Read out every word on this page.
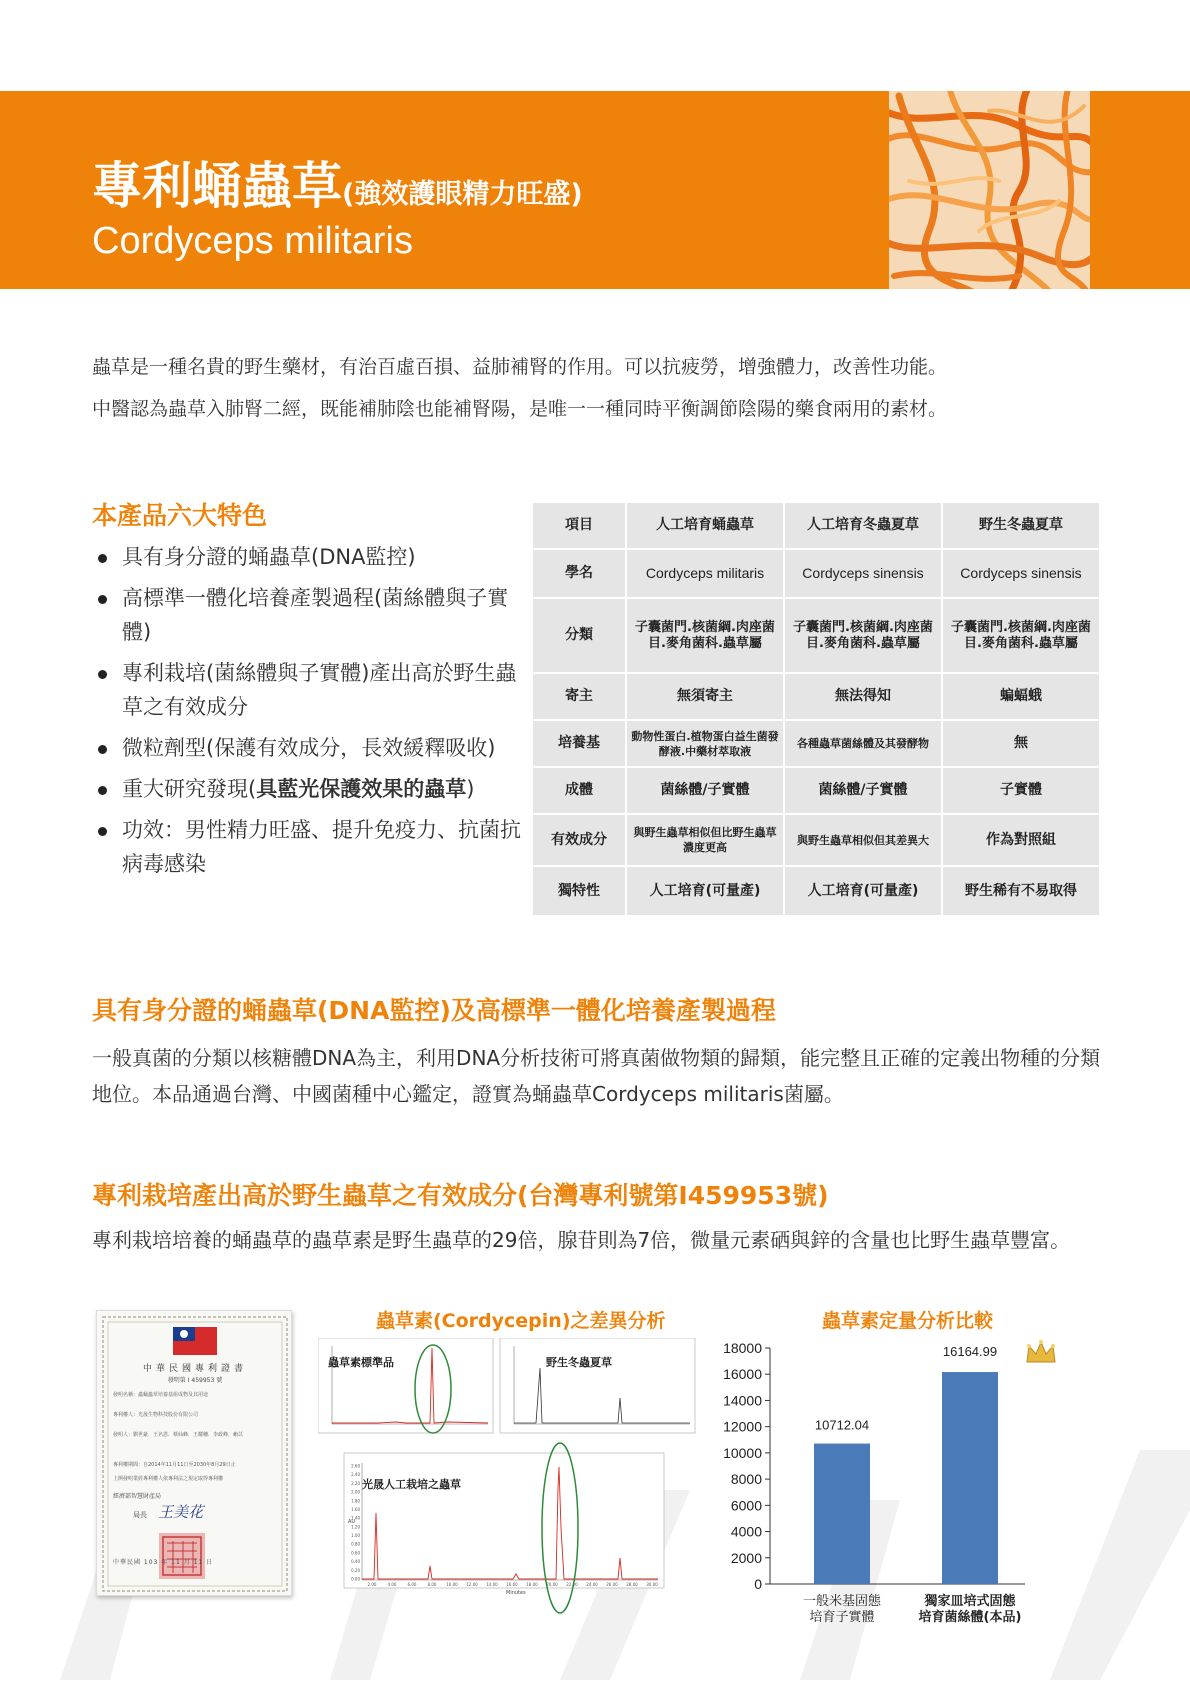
專利蛹蟲草(強效護眼精力旺盛)
Cordyceps militaris
蟲草是一種名貴的野生藥材，有治百虛百損、益肺補腎的作用。可以抗疲勞，增強體力，改善性功能。
中醫認為蟲草入肺腎二經，既能補肺陰也能補腎陽，是唯一一種同時平衡調節陰陽的藥食兩用的素材。
本產品六大特色
具有身分證的蛹蟲草(DNA監控)
高標準一體化培養產製過程(菌絲體與子實體)
專利栽培(菌絲體與子實體)產出高於野生蟲草之有效成分
微粒劑型(保護有效成分，長效緩釋吸收)
重大研究發現(具藍光保護效果的蟲草)
功效：男性精力旺盛、提升免疫力、抗菌抗病毒感染
項目	人工培育蛹蟲草	人工培育冬蟲夏草	野生冬蟲夏草
學名	Cordyceps militaris	Cordyceps sinensis	Cordyceps sinensis
分類	子囊菌門.核菌綱.肉座菌目.麥角菌科.蟲草屬	子囊菌門.核菌綱.肉座菌目.麥角菌科.蟲草屬	子囊菌門.核菌綱.肉座菌目.麥角菌科.蟲草屬
寄主	無須寄主	無法得知	蝙蝠蛾
培養基	動物性蛋白.植物蛋白益生菌發酵液.中藥材萃取液	各種蟲草菌絲體及其發酵物	無
成體	菌絲體/子實體	菌絲體/子實體	子實體
有效成分	與野生蟲草相似但比野生蟲草濃度更高	與野生蟲草相似但其差異大	作為對照組
獨特性	人工培育(可量產)	人工培育(可量產)	野生稀有不易取得
具有身分證的蛹蟲草(DNA監控)及高標準一體化培養產製過程
一般真菌的分類以核糖體DNA為主，利用DNA分析技術可將真菌做物類的歸類，能完整且正確的定義出物種的分類地位。本品通過台灣、中國菌種中心鑑定，證實為蛹蟲草Cordyceps militaris菌屬。
專利栽培產出高於野生蟲草之有效成分(台灣專利號第I459953號)
專利栽培培養的蛹蟲草的蟲草素是野生蟲草的29倍，腺苷則為7倍，微量元素硒與鋅的含量也比野生蟲草豐富。
中華民國專利證書
發明第 I 459953 號
發明名稱：蟲蛹蟲草培養基組成物及其用途
專利權人：光晟生物科技股份有限公司
發明人：劉世豪．王名恩．蔡仙蜂．王耀穗．李政峰．賴苡
專利權期間：自2014年11月11日至2030年8月29日止
上開發明業經專利權人依專利法之規定取得專利權
經濟部智慧財產局
局長 王美花
中華民國 103 年 11 月 11 日
蟲草素(Cordycepin)之差異分析
蟲草素標準品	野生冬蟲夏草
2.60
2.40
2.20
2.00
1.80
1.60
1.40
1.20
1.00
0.80
0.60
0.40
0.20
0.00
2.00	4.00	6.00	8.00 10.00 12.00 14.00 16.00 18.00 20.00 22.00 24.00 26.00 28.00 30.00
光晟人工栽培之蟲草
AU
Minutes
蟲草素定量分析比較
0
2000
4000
6000
8000
10000
12000
14000
16000
18000
10712.04
一般米基固態
培育子實體
16164.99
獨家皿培式固態
培育菌絲體(本品)
